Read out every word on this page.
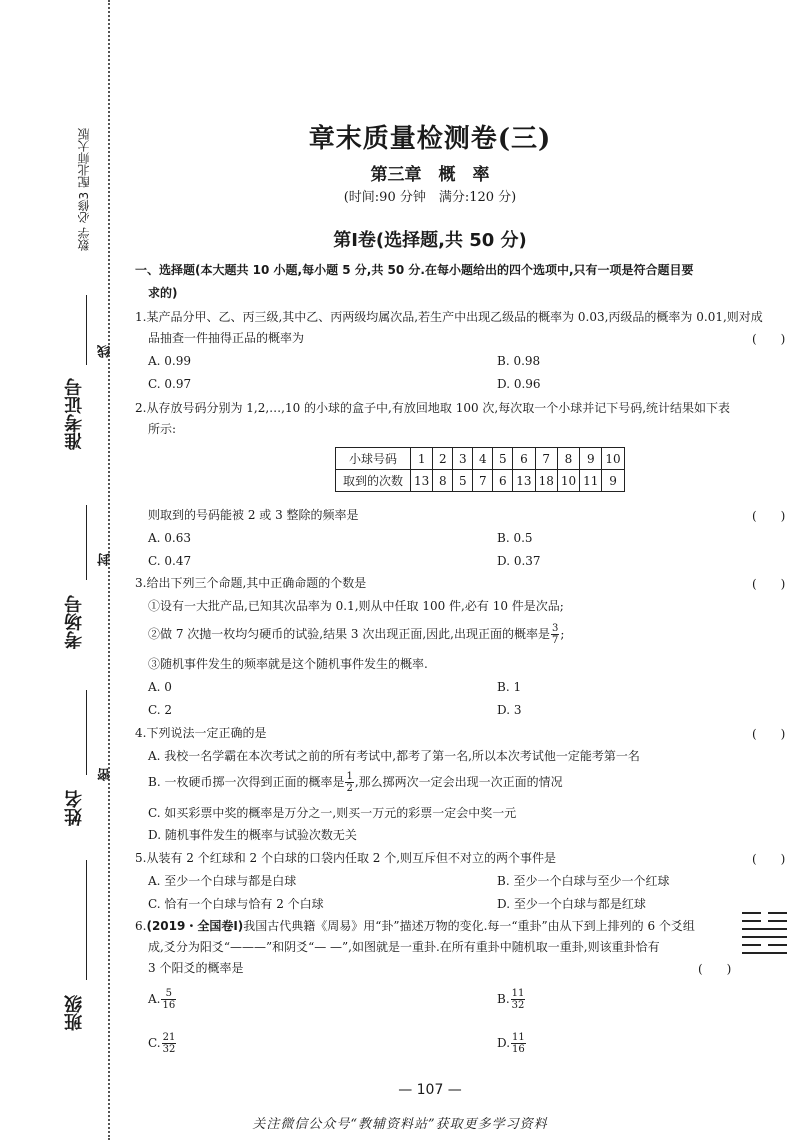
数学 必修3 配北师大版
准考证号
线
考场号
封
姓名
密
班级
章末质量检测卷(三)
第三章　概　率
(时间:90 分钟　满分:120 分)
第Ⅰ卷(选择题,共 50 分)
一、选择题(本大题共 10 小题,每小题 5 分,共 50 分.在每小题给出的四个选项中,只有一项是符合题目要
求的)
1.某产品分甲、乙、丙三级,其中乙、丙两级均属次品,若生产中出现乙级品的概率为 0.03,丙级品的概率为 0.01,则对成
品抽查一件抽得正品的概率为	(　　)
A. 0.99	B. 0.98
C. 0.97	D. 0.96
2.从存放号码分别为 1,2,…,10 的小球的盒子中,有放回地取 100 次,每次取一个小球并记下号码,统计结果如下表
所示:
小球号码	1	2	3	4	5	6	7	8	9	10
取到的次数	13	8	5	7	6	13	18	10	11	9
则取到的号码能被 2 或 3 整除的频率是	(　　)
A. 0.63	B. 0.5
C. 0.47	D. 0.37
3.给出下列三个命题,其中正确命题的个数是	(　　)
①设有一大批产品,已知其次品率为 0.1,则从中任取 100 件,必有 10 件是次品;
②做 7 次抛一枚均匀硬币的试验,结果 3 次出现正面,因此,出现正面的概率是 $\frac{3}{7}$ ;
③随机事件发生的频率就是这个随机事件发生的概率.
A. 0	B. 1
C. 2	D. 3
4.下列说法一定正确的是	(　　)
A. 我校一名学霸在本次考试之前的所有考试中,都考了第一名,所以本次考试他一定能考第一名
B. 一枚硬币掷一次得到正面的概率是 $\frac{1}{2}$ ,那么掷两次一定会出现一次正面的情况
C. 如买彩票中奖的概率是万分之一,则买一万元的彩票一定会中奖一元
D. 随机事件发生的概率与试验次数无关
5.从装有 2 个红球和 2 个白球的口袋内任取 2 个,则互斥但不对立的两个事件是	(　　)
A. 至少一个白球与都是白球	B. 至少一个白球与至少一个红球
C. 恰有一个白球与恰有 2 个白球	D. 至少一个白球与都是红球
6.(2019・全国卷Ⅰ)我国古代典籍《周易》用“卦”描述万物的变化.每一“重卦”由从下到上排列的 6 个爻组
成,爻分为阳爻“———”和阴爻“— —”,如图就是一重卦.在所有重卦中随机取一重卦,则该重卦恰有
3 个阳爻的概率是	(　　)
A. $\frac{5}{16}$	B. $\frac{11}{32}$
C. $\frac{21}{32}$	D. $\frac{11}{16}$
— 107 —
关注微信公众号“教辅资料站”获取更多学习资料
